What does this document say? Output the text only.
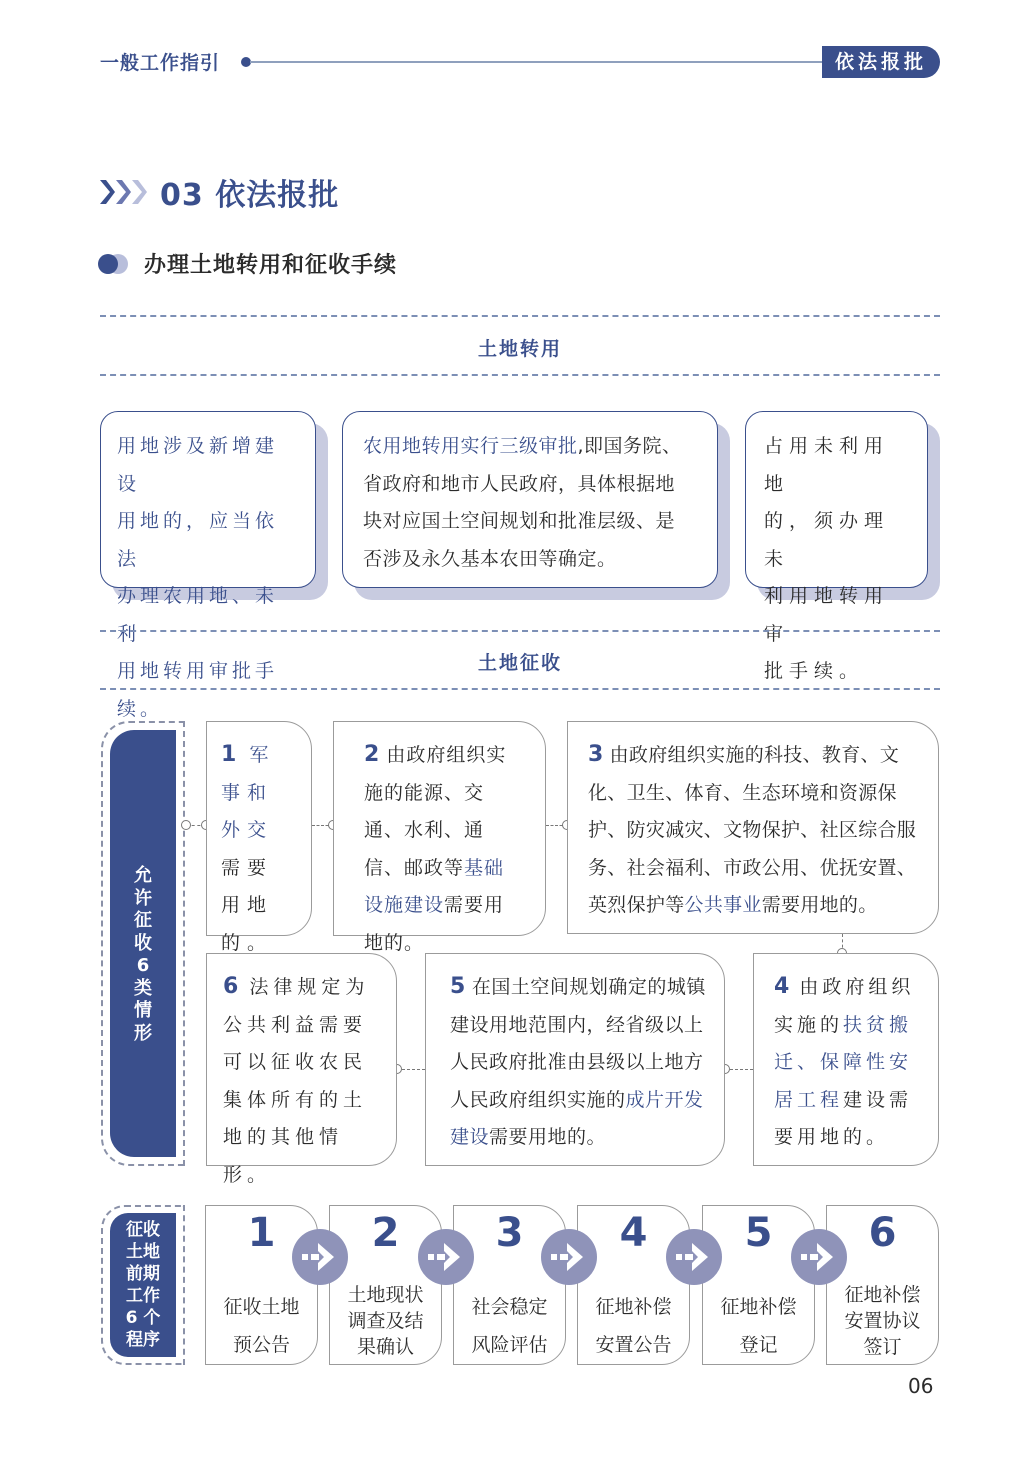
一般工作指引	依法报批
03 依法报批
办理土地转用和征收手续
土地转用
用地涉及新增建设
用地的，应当依法
办理农用地、未利
用地转用审批手续。
农用地转用实行三级审批,即国务院、
省政府和地市人民政府，具体根据地
块对应国土空间规划和批准层级、是
否涉及永久基本农田等确定。
占用未利用地
的，须办理未
利用地转用审
批手续。
土地征收
允
许
征
收
6
类
情
形
1 军事和外交需要用地的。
2 由政府组织实施的能源、交通、水利、通信、邮政等基础设施建设需要用地的。
3 由政府组织实施的科技、教育、文化、卫生、体育、生态环境和资源保护、防灾减灾、文物保护、社区综合服务、社会福利、市政公用、优抚安置、英烈保护等公共事业需要用地的。
4 由政府组织实施的扶贫搬迁、保障性安居工程建设需要用地的。
5 在国土空间规划确定的城镇建设用地范围内，经省级以上人民政府批准由县级以上地方人民政府组织实施的成片开发建设需要用地的。
6 法律规定为公共利益需要可以征收农民集体所有的土地的其他情形。
征收
土地
前期
工作
6 个
程序
1
征收土地
预公告
2
土地现状
调查及结
果确认
3
社会稳定
风险评估
4
征地补偿
安置公告
5
征地补偿
登记
6
征地补偿
安置协议
签订
06
